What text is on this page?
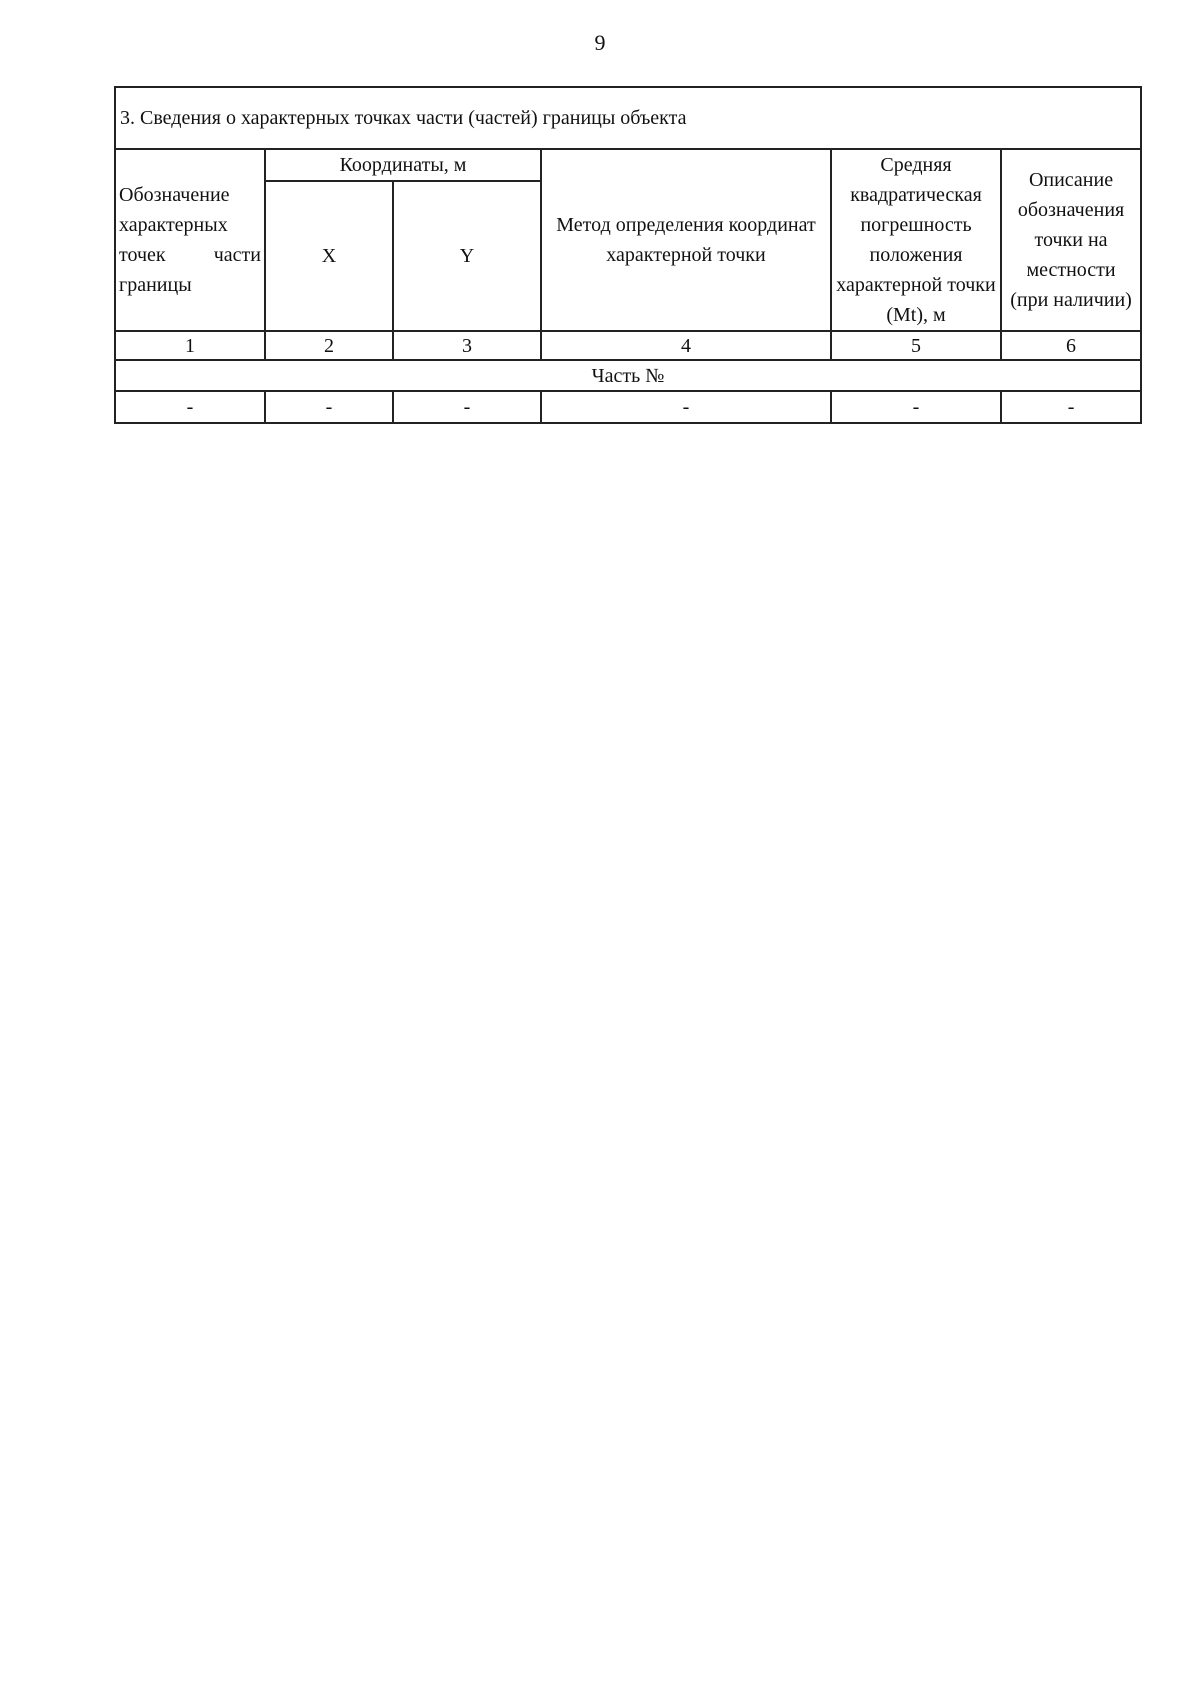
9
3. Сведения о характерных точках части (частей) границы объекта					
Обозначение характерных точек части границы	Координаты, м		Метод определения координат характерной точки	Средняя квадратическая погрешность положения характерной точки (Mt), м	Описание обозначения точки на местности (при наличии)
	X	Y			
1	2	3	4	5	6
Часть №					
-	-	-	-	-	-
